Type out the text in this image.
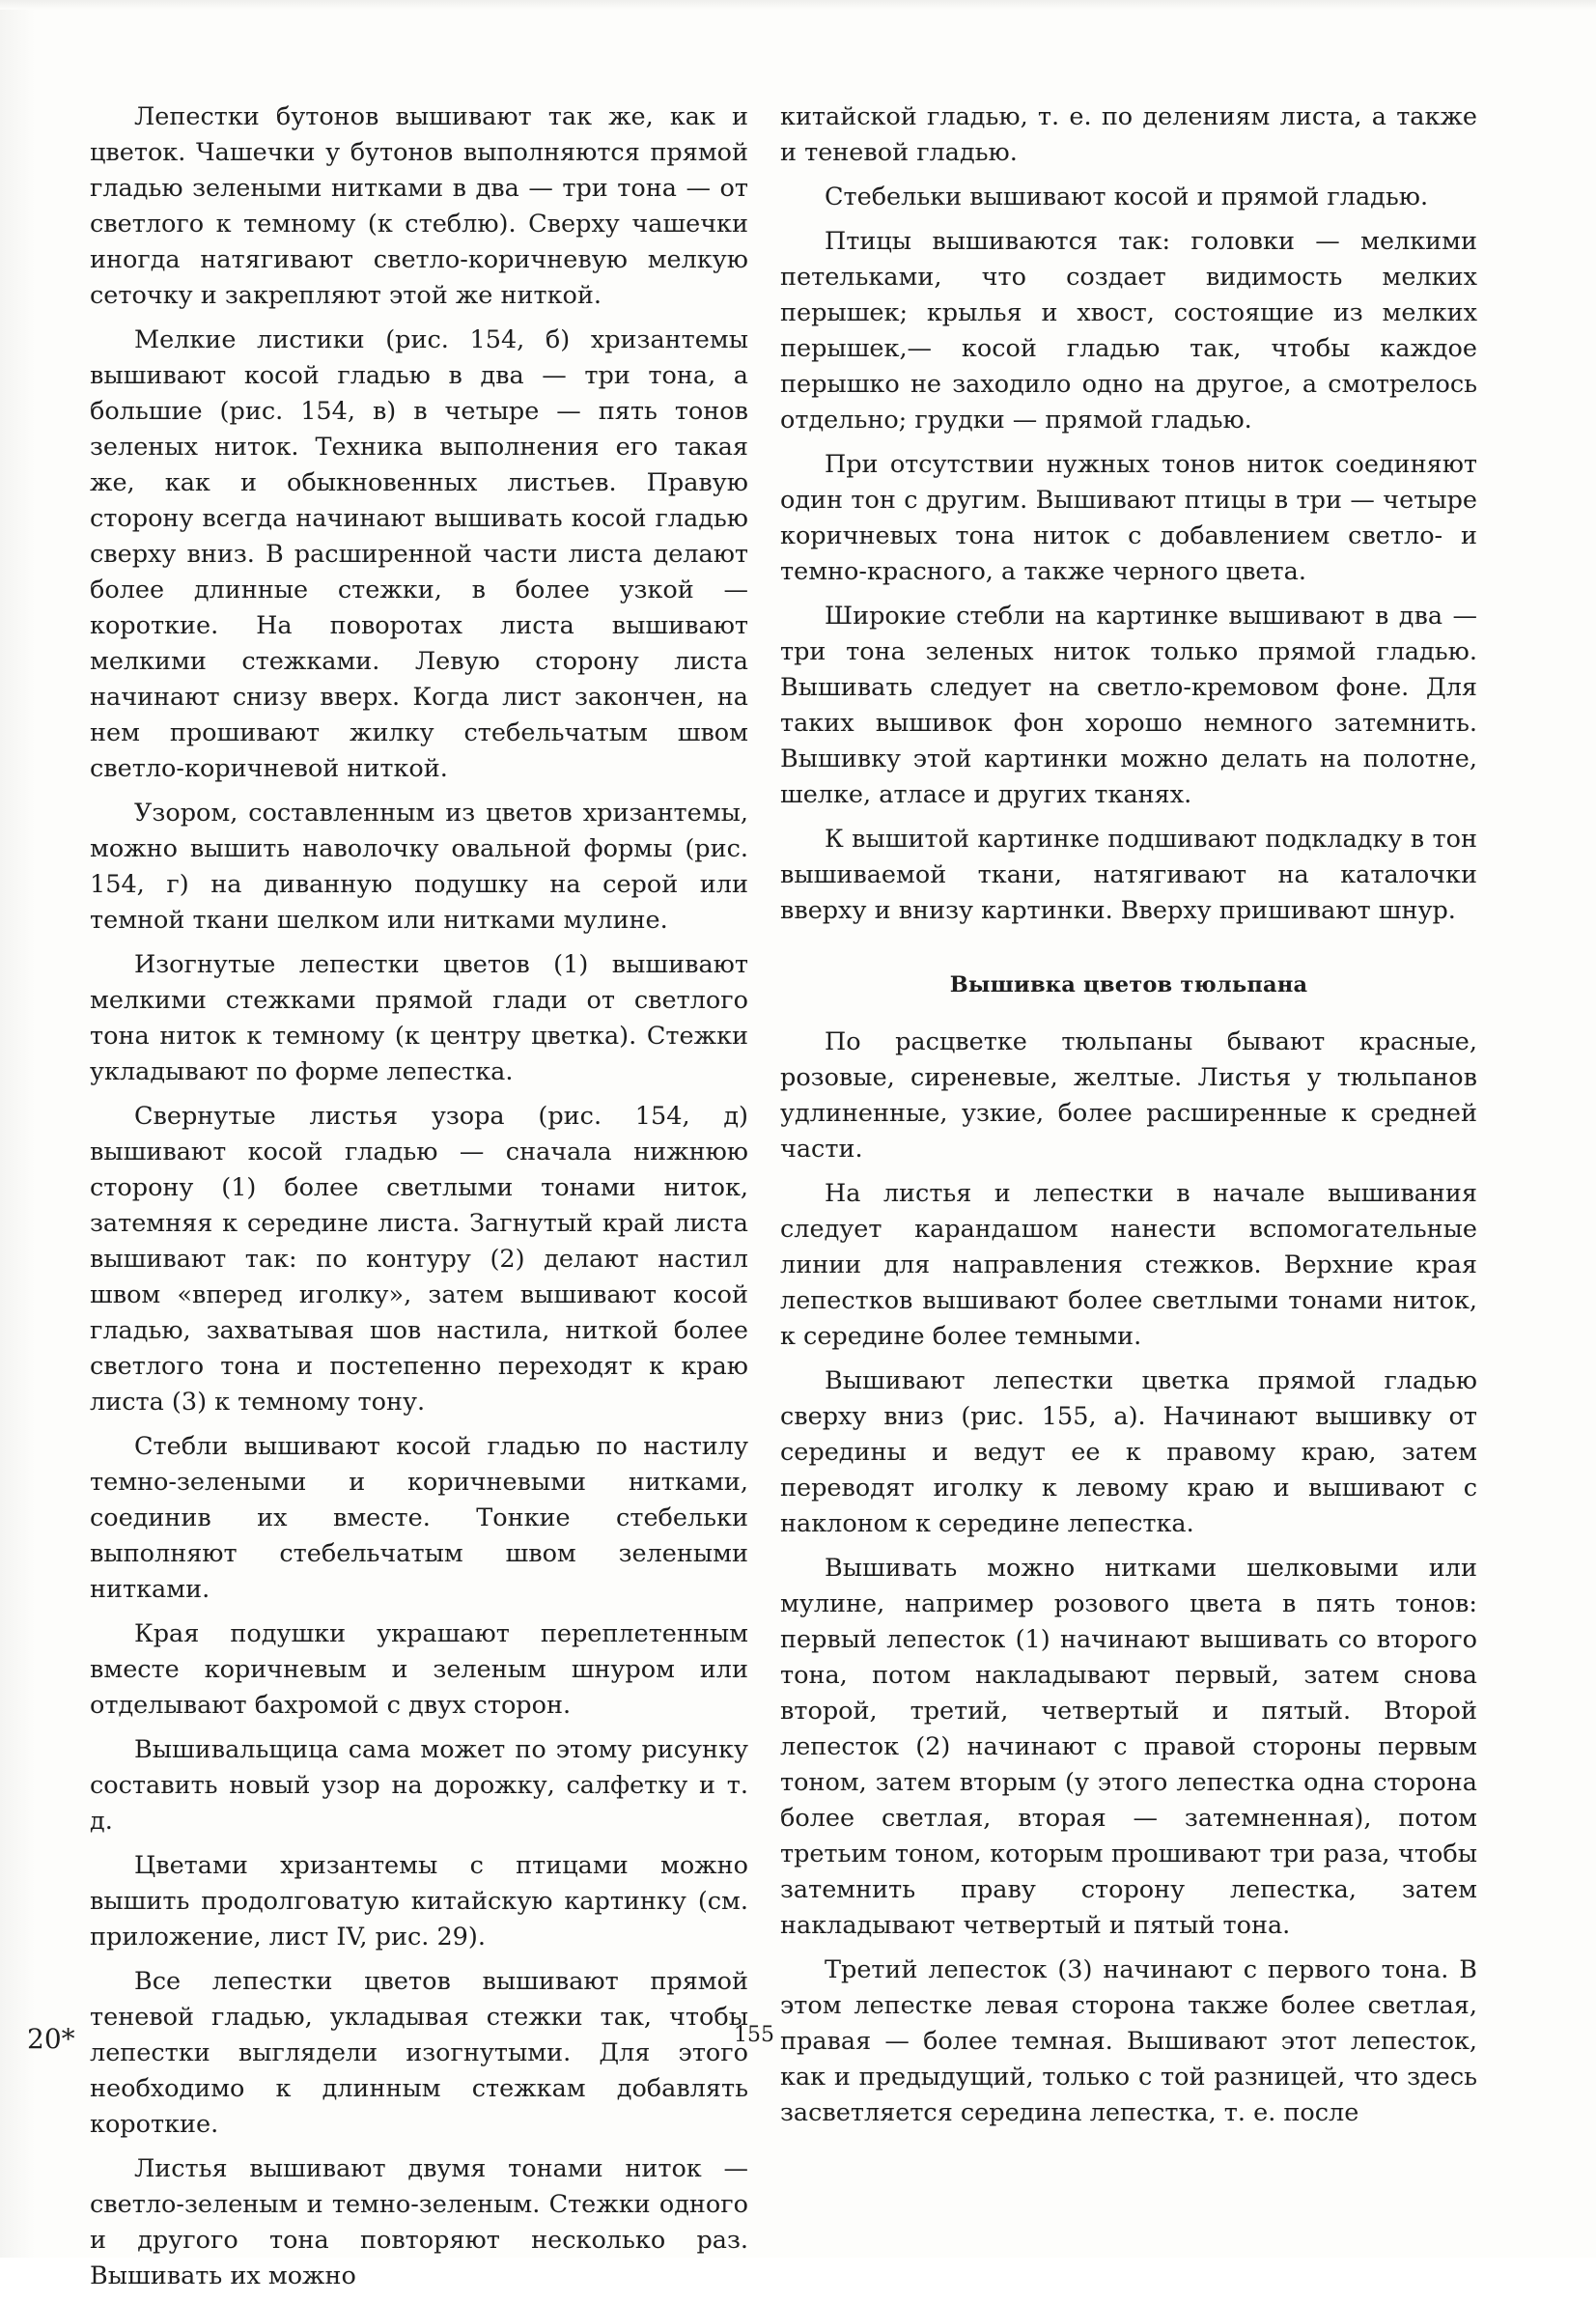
Лепестки бутонов вышивают так же, как и цветок. Чашечки у бутонов выполняются прямой гладью зелеными нитками в два — три тона — от светлого к темному (к стеблю). Сверху чашечки иногда натягивают светло-коричневую мелкую сеточку и закрепляют этой же ниткой.

Мелкие листики (рис. 154, б) хризантемы вышивают косой гладью в два — три тона, а большие (рис. 154, в) в четыре — пять тонов зеленых ниток. Техника выполнения его такая же, как и обыкновенных листьев. Правую сторону всегда начинают вышивать косой гладью сверху вниз. В расширенной части листа делают более длинные стежки, в более узкой — короткие. На поворотах листа вышивают мелкими стежками. Левую сторону листа начинают снизу вверх. Когда лист закончен, на нем прошивают жилку стебельчатым швом светло-коричневой ниткой.

Узором, составленным из цветов хризантемы, можно вышить наволочку овальной формы (рис. 154, г) на диванную подушку на серой или темной ткани шелком или нитками мулине.

Изогнутые лепестки цветов (1) вышивают мелкими стежками прямой глади от светлого тона ниток к темному (к центру цветка). Стежки укладывают по форме лепестка.

Свернутые листья узора (рис. 154, д) вышивают косой гладью — сначала нижнюю сторону (1) более светлыми тонами ниток, затемняя к середине листа. Загнутый край листа вышивают так: по контуру (2) делают настил швом «вперед иголку», затем вышивают косой гладью, захватывая шов настила, ниткой более светлого тона и постепенно переходят к краю листа (3) к темному тону.

Стебли вышивают косой гладью по настилу темно-зелеными и коричневыми нитками, соединив их вместе. Тонкие стебельки выполняют стебельчатым швом зелеными нитками.

Края подушки украшают переплетенным вместе коричневым и зеленым шнуром или отделывают бахромой с двух сторон.

Вышивальщица сама может по этому рисунку составить новый узор на дорожку, салфетку и т. д.

Цветами хризантемы с птицами можно вышить продолговатую китайскую картинку (см. приложение, лист IV, рис. 29).

Все лепестки цветов вышивают прямой теневой гладью, укладывая стежки так, чтобы лепестки выглядели изогнутыми. Для этого необходимо к длинным стежкам добавлять короткие.

Листья вышивают двумя тонами ниток — светло-зеленым и темно-зеленым. Стежки одного и другого тона повторяют несколько раз. Вышивать их можно

китайской гладью, т. е. по делениям листа, а также и теневой гладью.

Стебельки вышивают косой и прямой гладью.

Птицы вышиваются так: головки — мелкими петельками, что создает видимость мелких перышек; крылья и хвост, состоящие из мелких перышек,— косой гладью так, чтобы каждое перышко не заходило одно на другое, а смотрелось отдельно; грудки — прямой гладью.

При отсутствии нужных тонов ниток соединяют один тон с другим. Вышивают птицы в три — четыре коричневых тона ниток с добавлением светло- и темно-красного, а также черного цвета.

Широкие стебли на картинке вышивают в два — три тона зеленых ниток только прямой гладью. Вышивать следует на светло-кремовом фоне. Для таких вышивок фон хорошо немного затемнить. Вышивку этой картинки можно делать на полотне, шелке, атласе и других тканях.

К вышитой картинке подшивают подкладку в тон вышиваемой ткани, натягивают на каталочки вверху и внизу картинки. Вверху пришивают шнур.

Вышивка цветов тюльпана

По расцветке тюльпаны бывают красные, розовые, сиреневые, желтые. Листья у тюльпанов удлиненные, узкие, более расширенные к средней части.

На листья и лепестки в начале вышивания следует карандашом нанести вспомогательные линии для направления стежков. Верхние края лепестков вышивают более светлыми тонами ниток, к середине более темными.

Вышивают лепестки цветка прямой гладью сверху вниз (рис. 155, а). Начинают вышивку от середины и ведут ее к правому краю, затем переводят иголку к левому краю и вышивают с наклоном к середине лепестка.

Вышивать можно нитками шелковыми или мулине, например розового цвета в пять тонов: первый лепесток (1) начинают вышивать со второго тона, потом накладывают первый, затем снова второй, третий, четвертый и пятый. Второй лепесток (2) начинают с правой стороны первым тоном, затем вторым (у этого лепестка одна сторона более светлая, вторая — затемненная), потом третьим тоном, которым прошивают три раза, чтобы затемнить праву сторону лепестка, затем накладывают четвертый и пятый тона.

Третий лепесток (3) начинают с первого тона. В этом лепестке левая сторона также более светлая, правая — более темная. Вышивают этот лепесток, как и предыдущий, только с той разницей, что здесь засветляется середина лепестка, т. е. после

20*	155
